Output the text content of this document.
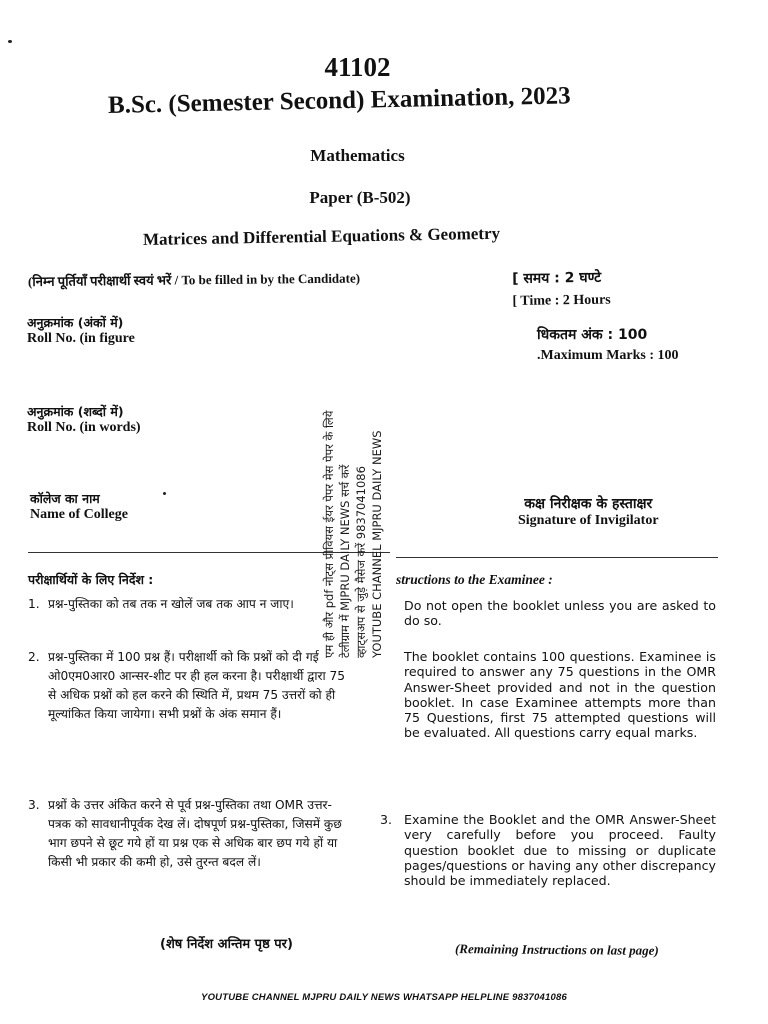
41102
B.Sc. (Semester Second) Examination, 2023
Mathematics
Paper (B-502)
Matrices and Differential Equations & Geometry
(निम्न पूर्तियाँ परीक्षार्थी स्वयं भरें / To be filled in by the Candidate)	[ समय : 2 घण्टे
[ Time : 2 Hours
धिकतम अंक : 100
.Maximum Marks : 100
अनुक्रमांक (अंकों में)
Roll No. (in figure
अनुक्रमांक (शब्दों में)
Roll No. (in words)
कॉलेज का नाम
Name of College
कक्ष निरीक्षक के हस्ताक्षर
Signature of Invigilator
एम ही और pdf नोट्स प्रीवियस ईयर पेपर मेस पेपर के लिये टेलीग्राम में MJPRU DAILY NEWS सर्च करें व्हाट्सअप से जुड़े मैसेज करें 9837041086 YOUTUBE CHANNEL MJPRU DAILY NEWS
परीक्षार्थियों के लिए निर्देश :
1. प्रश्न-पुस्तिका को तब तक न खोलें जब तक आप न जाए।
2. प्रश्न-पुस्तिका में 100 प्रश्न हैं। परीक्षार्थी को कि प्रश्नों को दी गई ओ0एम0आर0 आन्सर-शीट पर ही हल करना है। परीक्षार्थी द्वारा 75 से अधिक प्रश्नों को हल करने की स्थिति में, प्रथम 75 उत्तरों को ही मूल्यांकित किया जायेगा। सभी प्रश्नों के अंक समान हैं।
3. प्रश्नों के उत्तर अंकित करने से पूर्व प्रश्न-पुस्तिका तथा OMR उत्तर-पत्रक को सावधानीपूर्वक देख लें। दोषपूर्ण प्रश्न-पुस्तिका, जिसमें कुछ भाग छपने से छूट गये हों या प्रश्न एक से अधिक बार छप गये हों या किसी भी प्रकार की कमी हो, उसे तुरन्त बदल लें।
(शेष निर्देश अन्तिम पृष्ठ पर)
structions to the Examinee :
Do not open the booklet unless you are asked to do so.
The booklet contains 100 questions. Examinee is required to answer any 75 questions in the OMR Answer-Sheet provided and not in the question booklet. In case Examinee attempts more than 75 Questions, first 75 attempted questions will be evaluated. All questions carry equal marks.
3. Examine the Booklet and the OMR Answer-Sheet very carefully before you proceed. Faulty question booklet due to missing or duplicate pages/questions or having any other discrepancy should be immediately replaced.
(Remaining Instructions on last page)
YOUTUBE CHANNEL MJPRU DAILY NEWS WHATSAPP HELPLINE 9837041086
